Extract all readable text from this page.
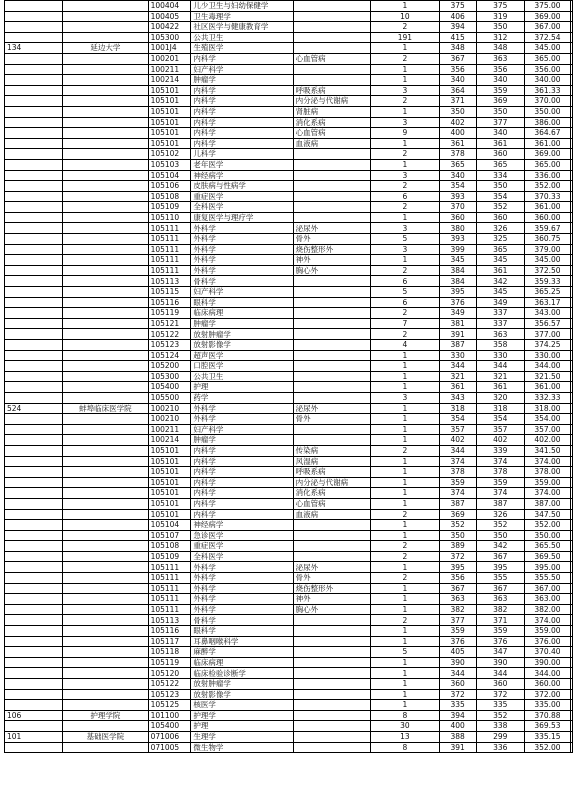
		100404	儿少卫生与妇幼保健学		1	375	375	375.00	
		100405	卫生毒理学		10	406	319	369.00	
		100422	社区医学与健康教育学		2	394	350	367.00	
		105300	公共卫生		191	415	312	372.54	
134	延边大学	1001J4	生殖医学		1	348	348	345.00	
		100201	内科学	心血管病	2	367	363	365.00	
		100211	妇产科学		1	356	356	356.00	
		100214	肿瘤学		1	340	340	340.00	
		105101	内科学	呼吸系病	3	364	359	361.33	
		105101	内科学	内分泌与代谢病	2	371	369	370.00	
		105101	内科学	肾脏病	1	350	350	350.00	
		105101	内科学	消化系病	3	402	377	386.00	
		105101	内科学	心血管病	9	400	340	364.67	
		105101	内科学	血液病	1	361	361	361.00	
		105102	儿科学		2	378	360	369.00	
		105103	老年医学		1	365	365	365.00	
		105104	神经病学		3	340	334	336.00	
		105106	皮肤病与性病学		2	354	350	352.00	
		105108	重症医学		6	393	354	370.33	
		105109	全科医学		2	370	352	361.00	
		105110	康复医学与理疗学		1	360	360	360.00	
		105111	外科学	泌尿外	3	380	326	359.67	
		105111	外科学	骨外	5	393	325	360.75	
		105111	外科学	烧伤整形外	3	399	365	379.00	
		105111	外科学	神外	1	345	345	345.00	
		105111	外科学	胸心外	2	384	361	372.50	
		105113	骨科学		6	384	342	359.33	
		105115	妇产科学		5	395	345	365.25	
		105116	眼科学		6	376	349	363.17	
		105119	临床病理		2	349	337	343.00	
		105121	肿瘤学		7	381	337	356.57	
		105122	放射肿瘤学		2	391	363	377.00	
		105123	放射影像学		4	387	358	374.25	
		105124	超声医学		1	330	330	330.00	
		105200	口腔医学		1	344	344	344.00	
		105300	公共卫生		1	321	321	321.50	
		105400	护理		1	361	361	361.00	
		105500	药学		3	343	320	332.33	
524	蚌埠临床医学院	100210	外科学	泌尿外	1	318	318	318.00	
		100210	外科学	骨外	1	354	354	354.00	
		100211	妇产科学		1	357	357	357.00	
		100214	肿瘤学		1	402	402	402.00	
		105101	内科学	传染病	2	344	339	341.50	
		105101	内科学	风湿病	1	374	374	374.00	
		105101	内科学	呼吸系病	1	378	378	378.00	
		105101	内科学	内分泌与代谢病	1	359	359	359.00	
		105101	内科学	消化系病	1	374	374	374.00	
		105101	内科学	心血管病	1	387	387	387.00	
		105101	内科学	血液病	2	369	326	347.50	
		105104	神经病学		1	352	352	352.00	
		105107	急诊医学		1	350	350	350.00	
		105108	重症医学		2	389	342	365.50	
		105109	全科医学		2	372	367	369.50	
		105111	外科学	泌尿外	1	395	395	395.00	
		105111	外科学	骨外	2	356	355	355.50	
		105111	外科学	烧伤整形外	1	367	367	367.00	
		105111	外科学	神外	1	363	363	363.00	
		105111	外科学	胸心外	1	382	382	382.00	
		105113	骨科学		2	377	371	374.00	
		105116	眼科学		1	359	359	359.00	
		105117	耳鼻咽喉科学		1	376	376	376.00	
		105118	麻醉学		5	405	347	370.40	
		105119	临床病理		1	390	390	390.00	
		105120	临床检验诊断学		1	344	344	344.00	
		105122	放射肿瘤学		1	360	360	360.00	
		105123	放射影像学		1	372	372	372.00	
		105125	核医学		1	335	335	335.00	
106	护理学院	101100	护理学		8	394	352	370.88	
		105400	护理		30	400	338	369.53	
101	基础医学院	071006	生理学		13	388	299	335.15	
		071005	微生物学		8	391	336	352.00	
